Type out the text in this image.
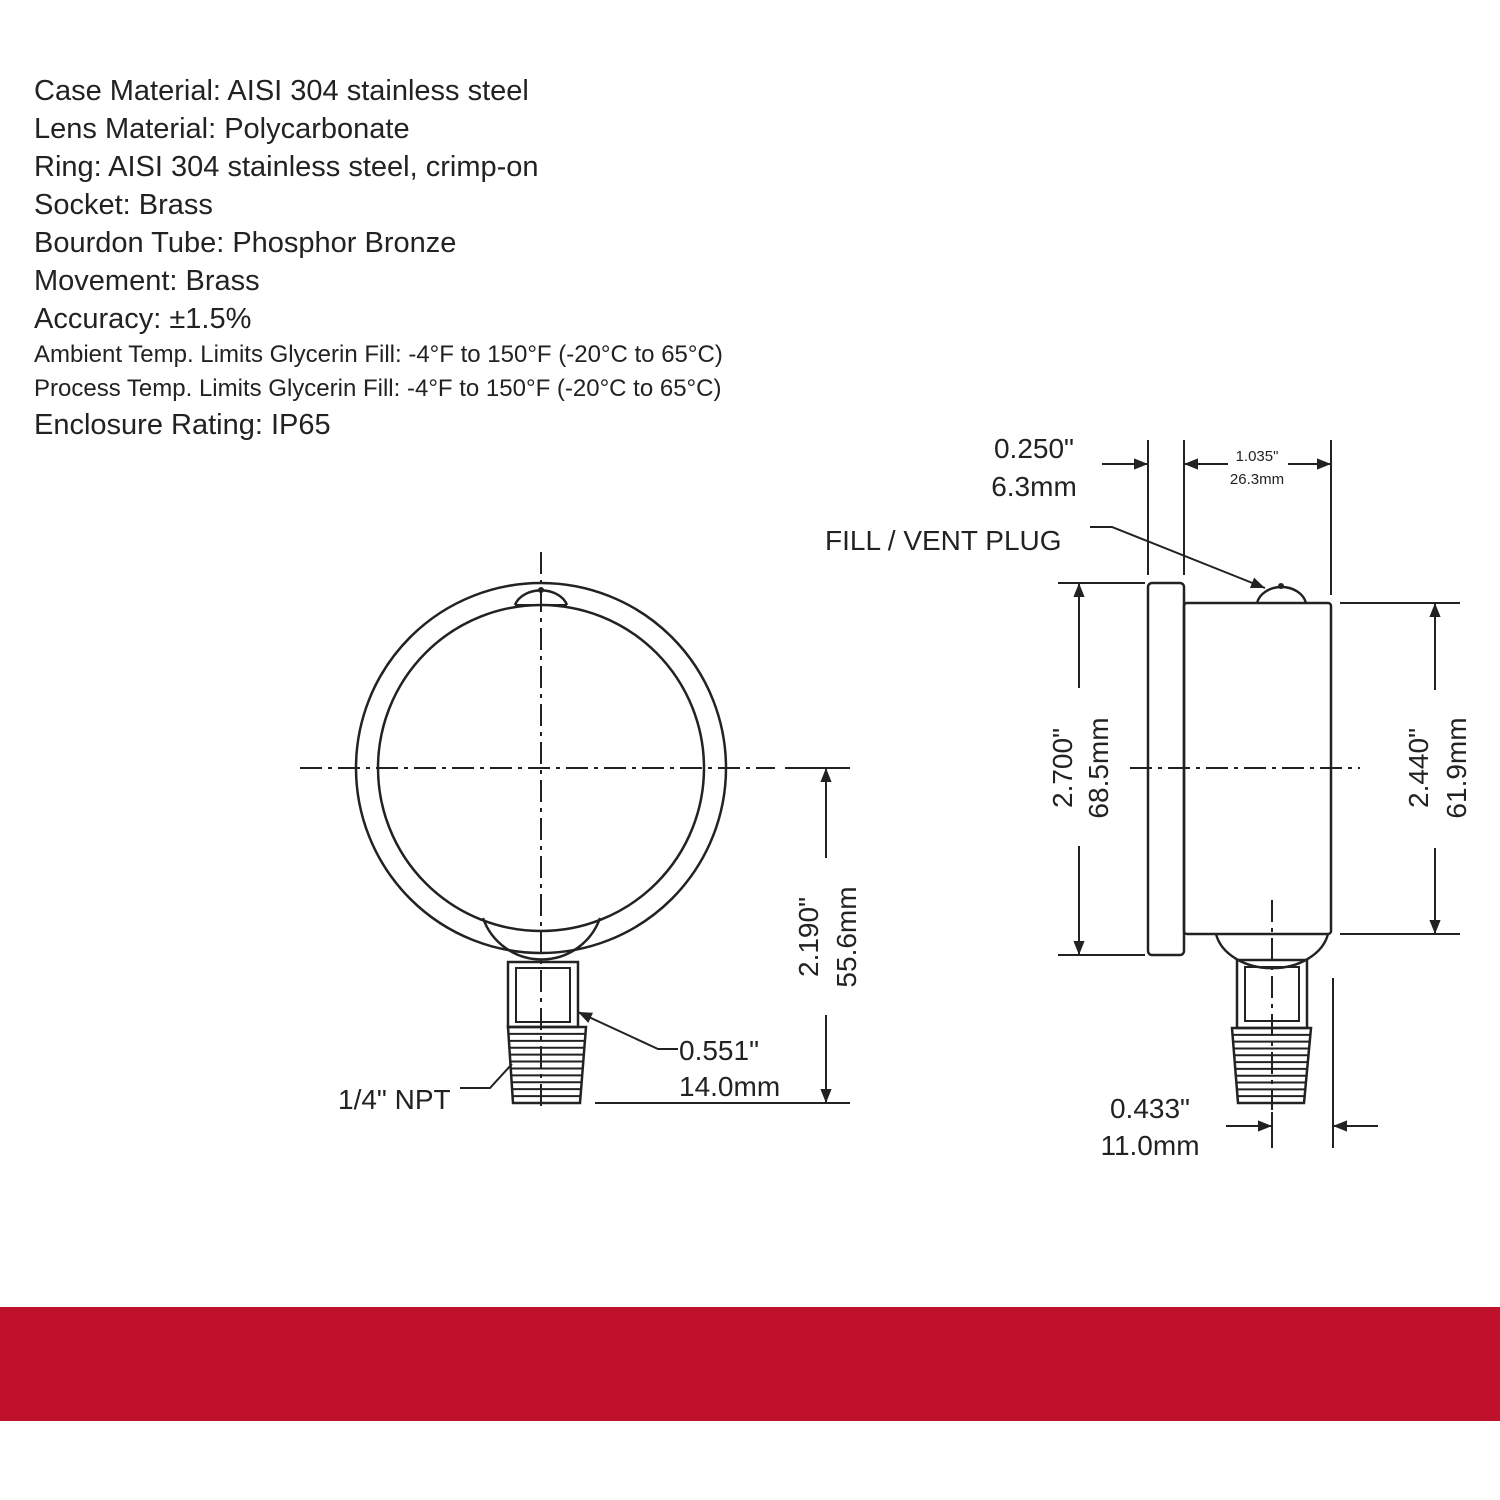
Case Material: AISI 304 stainless steel
Lens Material: Polycarbonate
Ring: AISI 304 stainless steel, crimp-on
Socket: Brass
Bourdon Tube: Phosphor Bronze
Movement: Brass
Accuracy: ±1.5%
Ambient Temp. Limits Glycerin Fill: -4°F to 150°F (-20°C to 65°C)
Process Temp. Limits Glycerin Fill: -4°F to 150°F (-20°C to 65°C)
Enclosure Rating: IP65
2.190" 55.6mm
0.551"
14.0mm
1/4" NPT
0.250"
6.3mm
1.035"
26.3mm
FILL / VENT PLUG
2.700" 68.5mm	2.440" 61.9mm
0.433"
11.0mm
